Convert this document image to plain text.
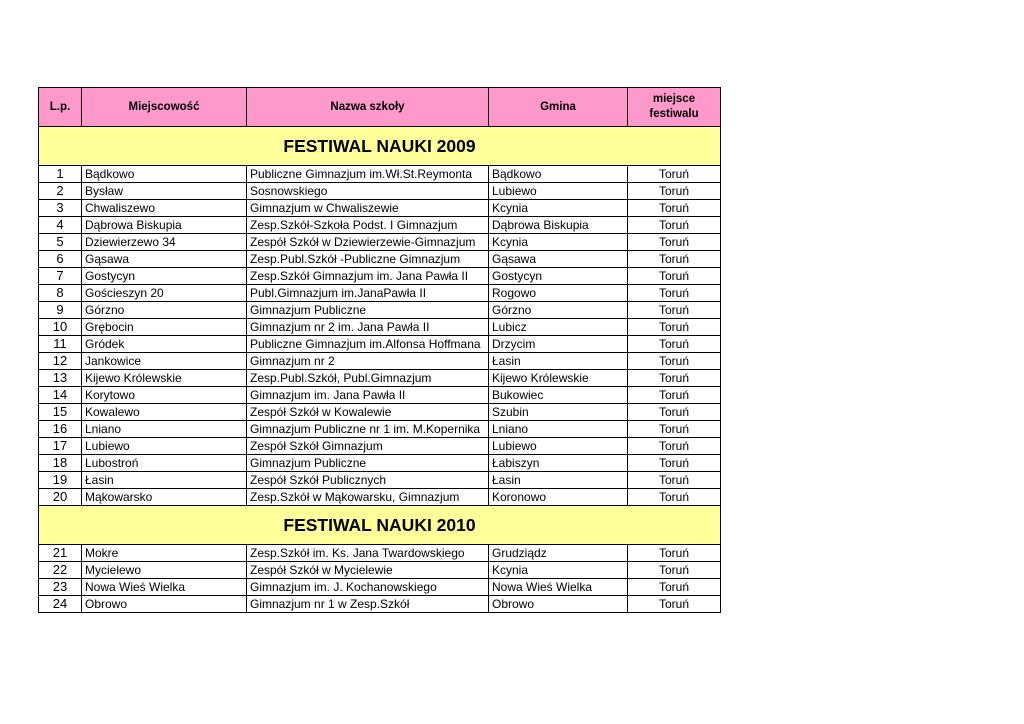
L.p.	Miejscowość	Nazwa szkoły	Gmina	miejsce
festiwalu
FESTIWAL NAUKI 2009				
1	Bądkowo	Publiczne Gimnazjum im.Wł.St.Reymonta	Bądkowo	Toruń
2	Bysław	Sosnowskiego	Lubiewo	Toruń
3	Chwaliszewo	Gimnazjum w Chwaliszewie	Kcynia	Toruń
4	Dąbrowa Biskupia	Zesp.Szkół-Szkoła Podst. I Gimnazjum	Dąbrowa Biskupia	Toruń
5	Dziewierzewo 34	Zespół Szkół w Dziewierzewie-Gimnazjum	Kcynia	Toruń
6	Gąsawa	Zesp.Publ.Szkół -Publiczne Gimnazjum	Gąsawa	Toruń
7	Gostycyn	Zesp.Szkół Gimnazjum im. Jana Pawła II	Gostycyn	Toruń
8	Gościeszyn 20	Publ.Gimnazjum im.JanaPawła II	Rogowo	Toruń
9	Górzno	Gimnazjum Publiczne	Górzno	Toruń
10	Grębocin	Gimnazjum nr 2 im. Jana Pawła II	Lubicz	Toruń
11	Gródek	Publiczne Gimnazjum im.Alfonsa Hoffmana	Drzycim	Toruń
12	Jankowice	Gimnazjum nr 2	Łasin	Toruń
13	Kijewo Królewskie	Zesp.Publ.Szkół, Publ.Gimnazjum	Kijewo Królewskie	Toruń
14	Korytowo	Gimnazjum im. Jana Pawła II	Bukowiec	Toruń
15	Kowalewo	Zespół Szkół w Kowalewie	Szubin	Toruń
16	Lniano	Gimnazjum Publiczne nr 1 im. M.Kopernika	Lniano	Toruń
17	Lubiewo	Zespół Szkół Gimnazjum	Lubiewo	Toruń
18	Lubostroń	Gimnazjum Publiczne	Łabiszyn	Toruń
19	Łasin	Zespół Szkół Publicznych	Łasin	Toruń
20	Mąkowarsko	Zesp.Szkół w Mąkowarsku, Gimnazjum	Koronowo	Toruń
FESTIWAL NAUKI 2010				
21	Mokre	Zesp.Szkół im. Ks. Jana Twardowskiego	Grudziądz	Toruń
22	Mycielewo	Zespół Szkół w Mycielewie	Kcynia	Toruń
23	Nowa Wieś Wielka	Gimnazjum im. J. Kochanowskiego	Nowa Wieś Wielka	Toruń
24	Obrowo	Gimnazjum nr 1 w Zesp.Szkół	Obrowo	Toruń
